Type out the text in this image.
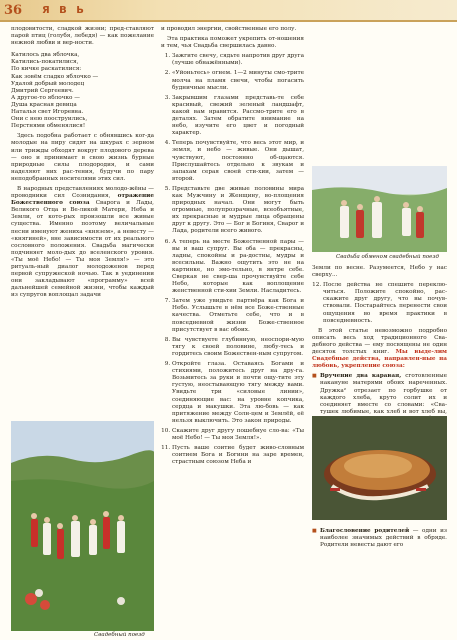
36 Я В Ь

плодовитости, сладкой жизни; пред-ставляют парой птиц (голубя, лебедя) — как пожелание нежной любви и вер-ности.

Катилось два яблочка,
Катились-покатилися,
По кичке раскатилися:
Как зовём сладко яблочко —
Удалой добрый молодец
Дмитрий Сергеевич.
А другое-то яблочко —
Душа красная девица
Наталья свет Игоревна.
Они с нею пооструились,
Перстнями обменялися!

Здесь подобна работает с обнявшись ког-да молодые на пиру сидят на шкурах с зерном или трижды обходят вокруг плодового дерева — оно и принимает в свою жизнь бурные природные силы плодородия, и сами наделяют них рас-тения, будучи по пару неподобранных носителями этих сил.

В народных представлениях молодо-жёны — проводники сил Сознидания, отражение Божественного союза Сварога и Лады, Великого Отца и Ве-ликой Матери, Неба и Земли, от кото-рых произошли все живые существа. Именно поэтому величальные песни именуют жениха «князем», а невесту — «княгиней», вне зависимости от их реального сословного положения. Свадьба магически подчиняет моло-дых до вселенского уровня. «Ты моё Небо! — Ты моя Земля!» — это ритуаль-ный диалог молодоженов перед первой супружеской ночью. Так в уединении они закладывают «программу» всей дальнейшей семейной жизни, чтобы каждый из супругов воплощал задачи

Свадебный поезд

и проводил энергии, свойственные его полу.

Эта практика поможет укрепить от-ношения и тем, чья Свадьба свершилась давно.

1. Зажгите свечу, сядьте напротив друг друга (лучше обнажёнными).
2. «Уйоньтесь» огнем. 1—2 минуты смо-трите молча на пламя свечи, чтобы погасить будничные мысли.
3. Закрывшим глазами представь-те себе красивый, свежий зеленый ландшафт, какой вам нравится. Рассмо-трите его в деталях. Затем обратите внимание на небо, изучите его цвет и погодный характер.
4. Теперь почувствуйте, что весь этот мир, и земля, и небо — живые. Они дышат, чувствуют, постоянно об-щаются. Прислушайтесь отдельно к звукам и запахам серая своей сти-хии, затем — второй.
5. Представьте две живые половины мира как Мужчину и Женщину, во-площения природных начал. Они могут быть огромные, полупрозрачные, всеобъятные, их прекрасные и мудрые лица обращены друг к другу. Это — Бог и Богиня, Сварог и Лада, родители всего живого.
6. А теперь на месте Божественной пары — вы и ваш супруг. Вы оба — прекрасны, ладны, спокойны и ра-достны, мудры и всесильны. Важно ощутить это не на картинке, но эмо-тельно, в янтре себе. Сверкая не свер-ша прочувствуйте себе Небо, которые как воплощение женственной сти-хии Земли. Насладитесь.
7. Затем уже увидьте партнёра как Бога и Небо. Услышьте в нём все Боже-ственные качества. Отметьте себе, что и в повседневной жизни Боже-ственное присутствует в вас обоих.
8. Вы чувствуете глубинную, неоспори-мую тягу к своей половине, любу-тесь и гордитесь своим Божествен-ным супругом.
9. Откройте глаза. Оставаясь Богами и стихиями, положитесь друг на дру-га. Возьмитесь за руки и почти ощу-тите эту густую, неостывающую тягу между вами. Увидьте три «силовые линии», соединяющие вас: на уровне копчика, сердца и макушки. Эта лю-бовь — как притяжение между Солн-цем и Землёй, её нельзя выключить. Это закон природы.
10. Скажите друг другу пошебнуе сло-ва: «Ты моё Небо! — Ты моя Земля!».
11. Пусть ваше соитие будет живо-словным соитием Бога и Богини на заре времен, страстным союзом Неба и
Свадьба обменом свадебный поезд

Земли по весне. Разумеется, Небо у нас сверху...

12. После действа не спешите переклю-читься. Положите спокойно, рас-скажите друг другу, что вы почув-ствовали. Постарайтесь перенести свои ощущения во время практики в повседневность.

В этой статье невозможно подробно описать весь ход традиционного Сва-дебного действа — ему посвящены не один десяток толстых книг. Мы выде-лим Свадебные действа, направлен-ные на любовь, укрепление союза:

■ Вручение два каравая, сготовленные накануне матерями обоих нареченных. Дружка² отрезает по горбушке от каждого хлеба, круто солит их и соединяет вместе со словами: «Сва-тушек любимые, как хлеб и вот хлеб вы,
■ Благословение родителей — одни из наиболее значимых действий в обряде. Родители невесты дают его
